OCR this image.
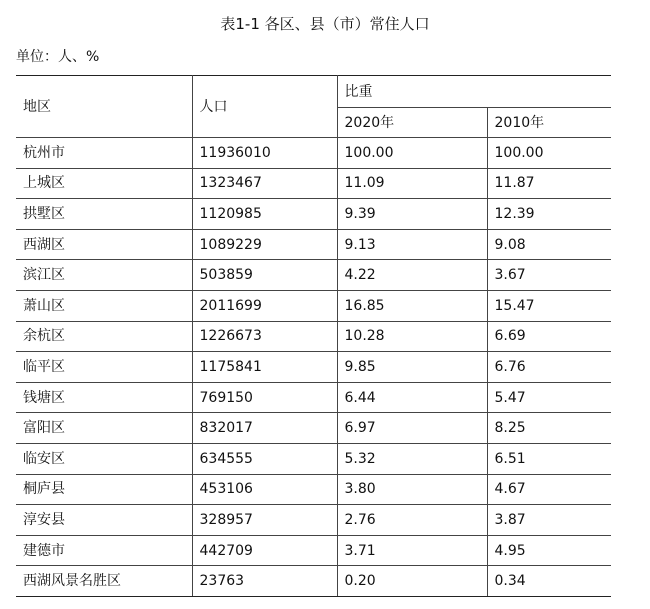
表1-1 各区、县（市）常住人口
单位：人、%
地区	人口	比重	
		2020年	2010年
杭州市	11936010	100.00	100.00
上城区	1323467	11.09	11.87
拱墅区	1120985	9.39	12.39
西湖区	1089229	9.13	9.08
滨江区	503859	4.22	3.67
萧山区	2011699	16.85	15.47
余杭区	1226673	10.28	6.69
临平区	1175841	9.85	6.76
钱塘区	769150	6.44	5.47
富阳区	832017	6.97	8.25
临安区	634555	5.32	6.51
桐庐县	453106	3.80	4.67
淳安县	328957	2.76	3.87
建德市	442709	3.71	4.95
西湖风景名胜区	23763	0.20	0.34
